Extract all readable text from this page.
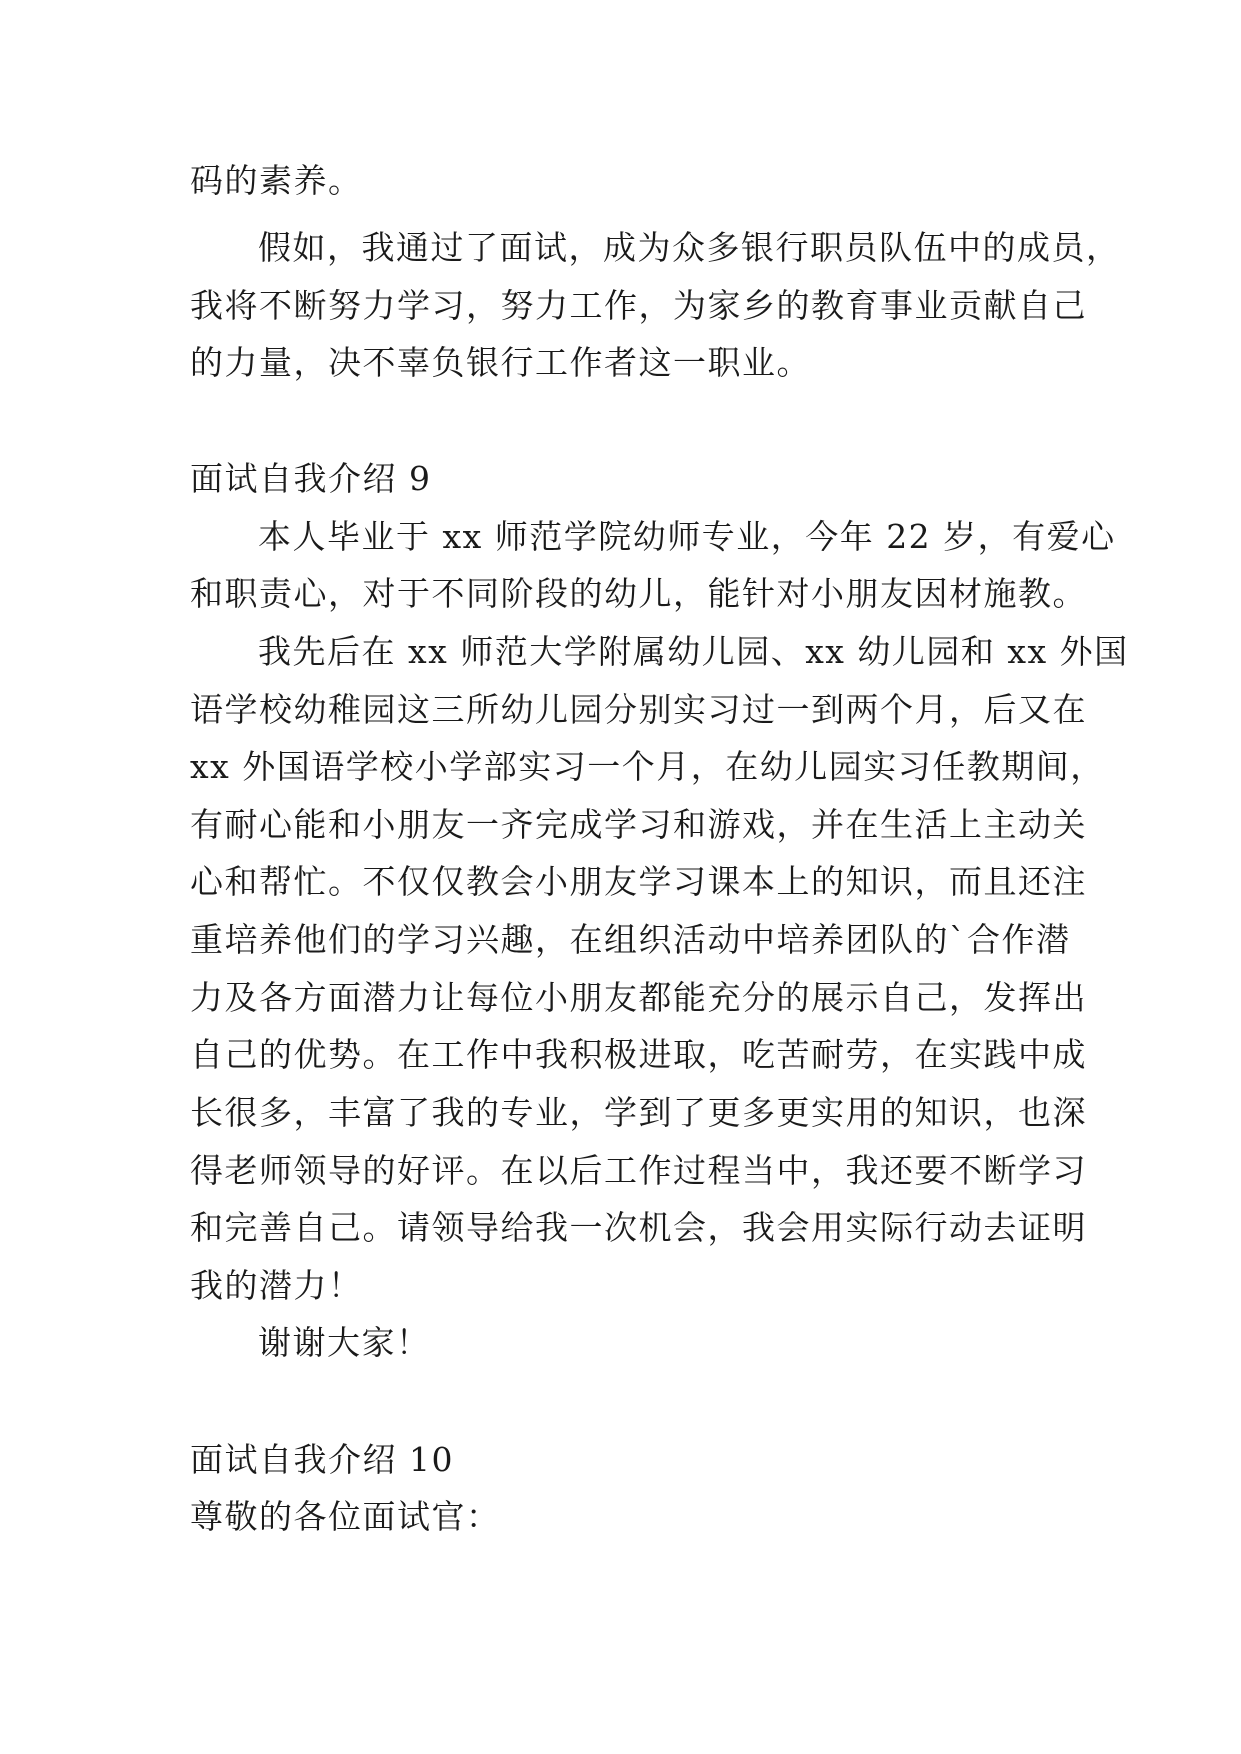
码的素养。
假如，我通过了面试，成为众多银行职员队伍中的成员，
我将不断努力学习，努力工作，为家乡的教育事业贡献自己
的力量，决不辜负银行工作者这一职业。
面试自我介绍 9
本人毕业于 xx 师范学院幼师专业，今年 22 岁，有爱心
和职责心，对于不同阶段的幼儿，能针对小朋友因材施教。
我先后在 xx 师范大学附属幼儿园、xx 幼儿园和 xx 外国
语学校幼稚园这三所幼儿园分别实习过一到两个月，后又在
xx 外国语学校小学部实习一个月，在幼儿园实习任教期间，
有耐心能和小朋友一齐完成学习和游戏，并在生活上主动关
心和帮忙。不仅仅教会小朋友学习课本上的知识，而且还注
重培养他们的学习兴趣，在组织活动中培养团队的`合作潜
力及各方面潜力让每位小朋友都能充分的展示自己，发挥出
自己的优势。在工作中我积极进取，吃苦耐劳，在实践中成
长很多，丰富了我的专业，学到了更多更实用的知识，也深
得老师领导的好评。在以后工作过程当中，我还要不断学习
和完善自己。请领导给我一次机会，我会用实际行动去证明
我的潜力！
谢谢大家！
面试自我介绍 10
尊敬的各位面试官：
